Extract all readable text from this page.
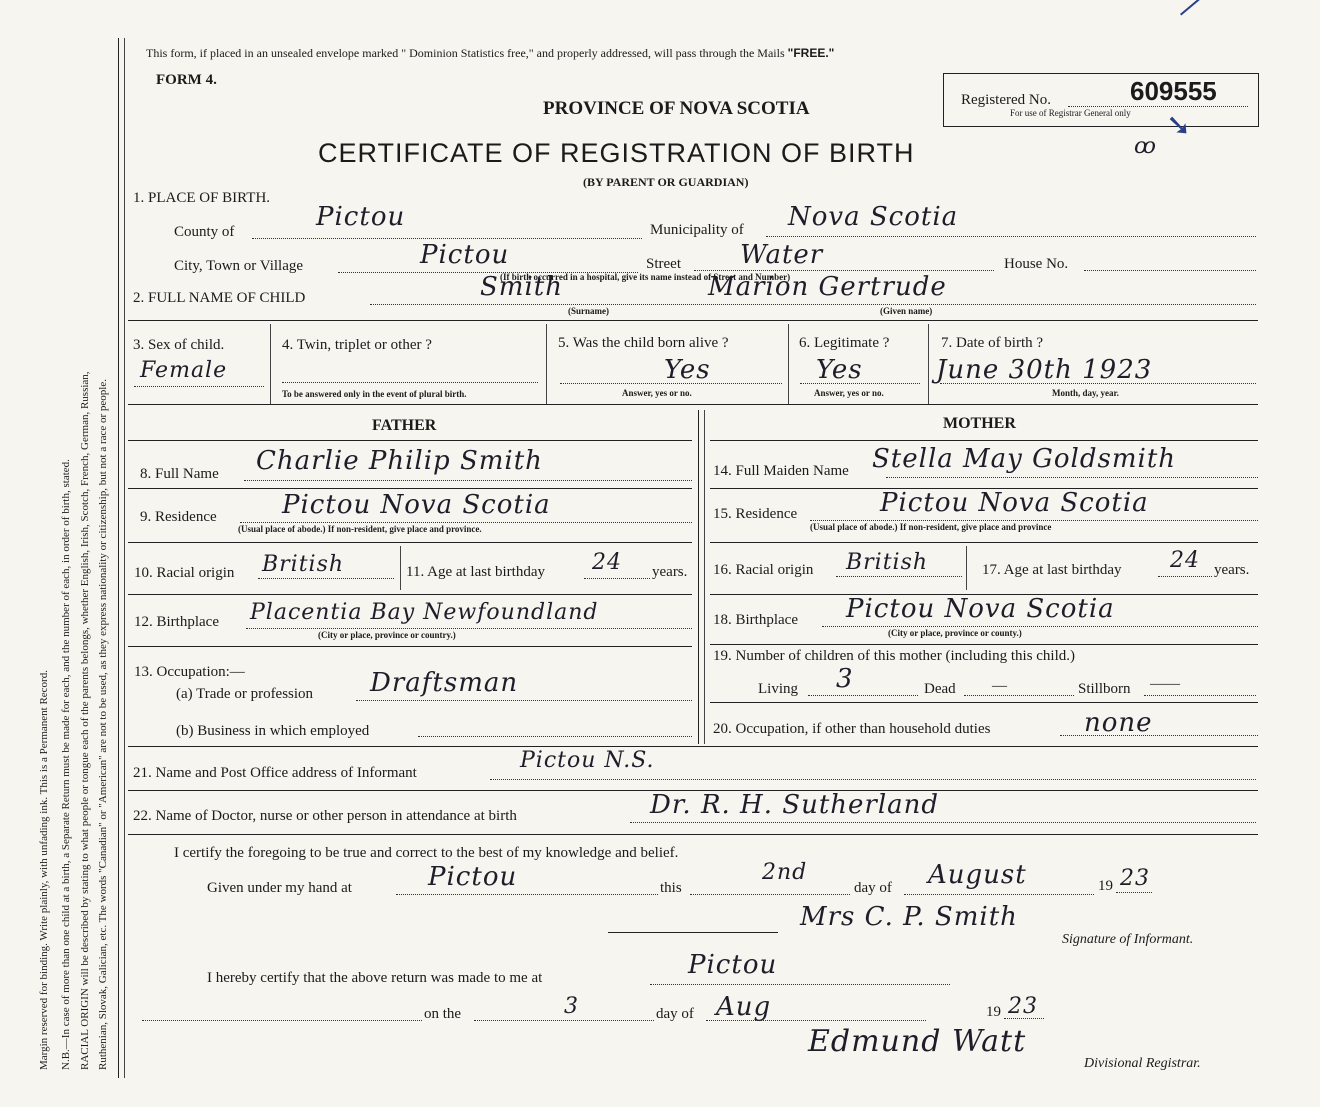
Margin reserved for binding. Write plainly, with unfading ink. This is a Permanent Record. N.B.—In case of more than one child at a birth, a Separate Return must be made for each, and the number of each, in order of birth, stated. RACIAL ORIGIN will be described by stating to what people or tongue each of the parents belongs, whether English, Irish, Scotch, French, German, Russian, Ruthenian, Slovak, Galician, etc. The words "Canadian" or "American" are not to be used, as they express nationality or citizenship, but not a race or people.
This form, if placed in an unsealed envelope marked " Dominion Statistics free," and properly addressed, will pass through the Mails "FREE."
FORM 4.
PROVINCE OF NOVA SCOTIA
CERTIFICATE OF REGISTRATION OF BIRTH
(BY PARENT OR GUARDIAN)
Registered No.	609555
For use of Registrar General only ➘
ꝏ
1. PLACE OF BIRTH.
County of	Pictou	Municipality of Nova Scotia
City, Town or Village	Pictou	Street Water	House No.
(If birth occurred in a hospital, give its name instead of Street and Number)
2. FULL NAME OF CHILD	Smith	Marion Gertrude
(Surname)	(Given name)
3. Sex of child.
Female
4. Twin, triplet or other ?
To be answered only in the event of plural birth.
5. Was the child born alive ?
Yes
Answer, yes or no.
6. Legitimate ?
Yes
Answer, yes or no.
7. Date of birth ?
June 30th 1923
Month, day, year.
FATHER	MOTHER
8. Full Name Charlie Philip Smith
9. Residence	Pictou Nova Scotia
(Usual place of abode.) If non-resident, give place and province.
10. Racial origin British	11. Age at last birthday 24 years.
12. Birthplace Placentia Bay Newfoundland
(City or place, province or country.)
13. Occupation:—
(a) Trade or profession Draftsman
(b) Business in which employed
14. Full Maiden Name Stella May Goldsmith
15. Residence	Pictou Nova Scotia
(Usual place of abode.) If non-resident, give place and province
16. Racial origin British	17. Age at last birthday 24 years.
18. Birthplace Pictou Nova Scotia
(City or place, province or county.)
19. Number of children of this mother (including this child.)
Living 3	Dead —	Stillborn ——
20. Occupation, if other than household duties	none
21. Name and Post Office address of Informant	Pictou N.S.
22. Name of Doctor, nurse or other person in attendance at birth	Dr. R. H. Sutherland
I certify the foregoing to be true and correct to the best of my knowledge and belief.
Given under my hand at	Pictou	this
2nd
day of August	19 23
Mrs C. P. Smith
Signature of Informant.
I hereby certify that the above return was made to me at	Pictou
on the	3	day of Aug	19 23
Edmund Watt
Divisional Registrar.
